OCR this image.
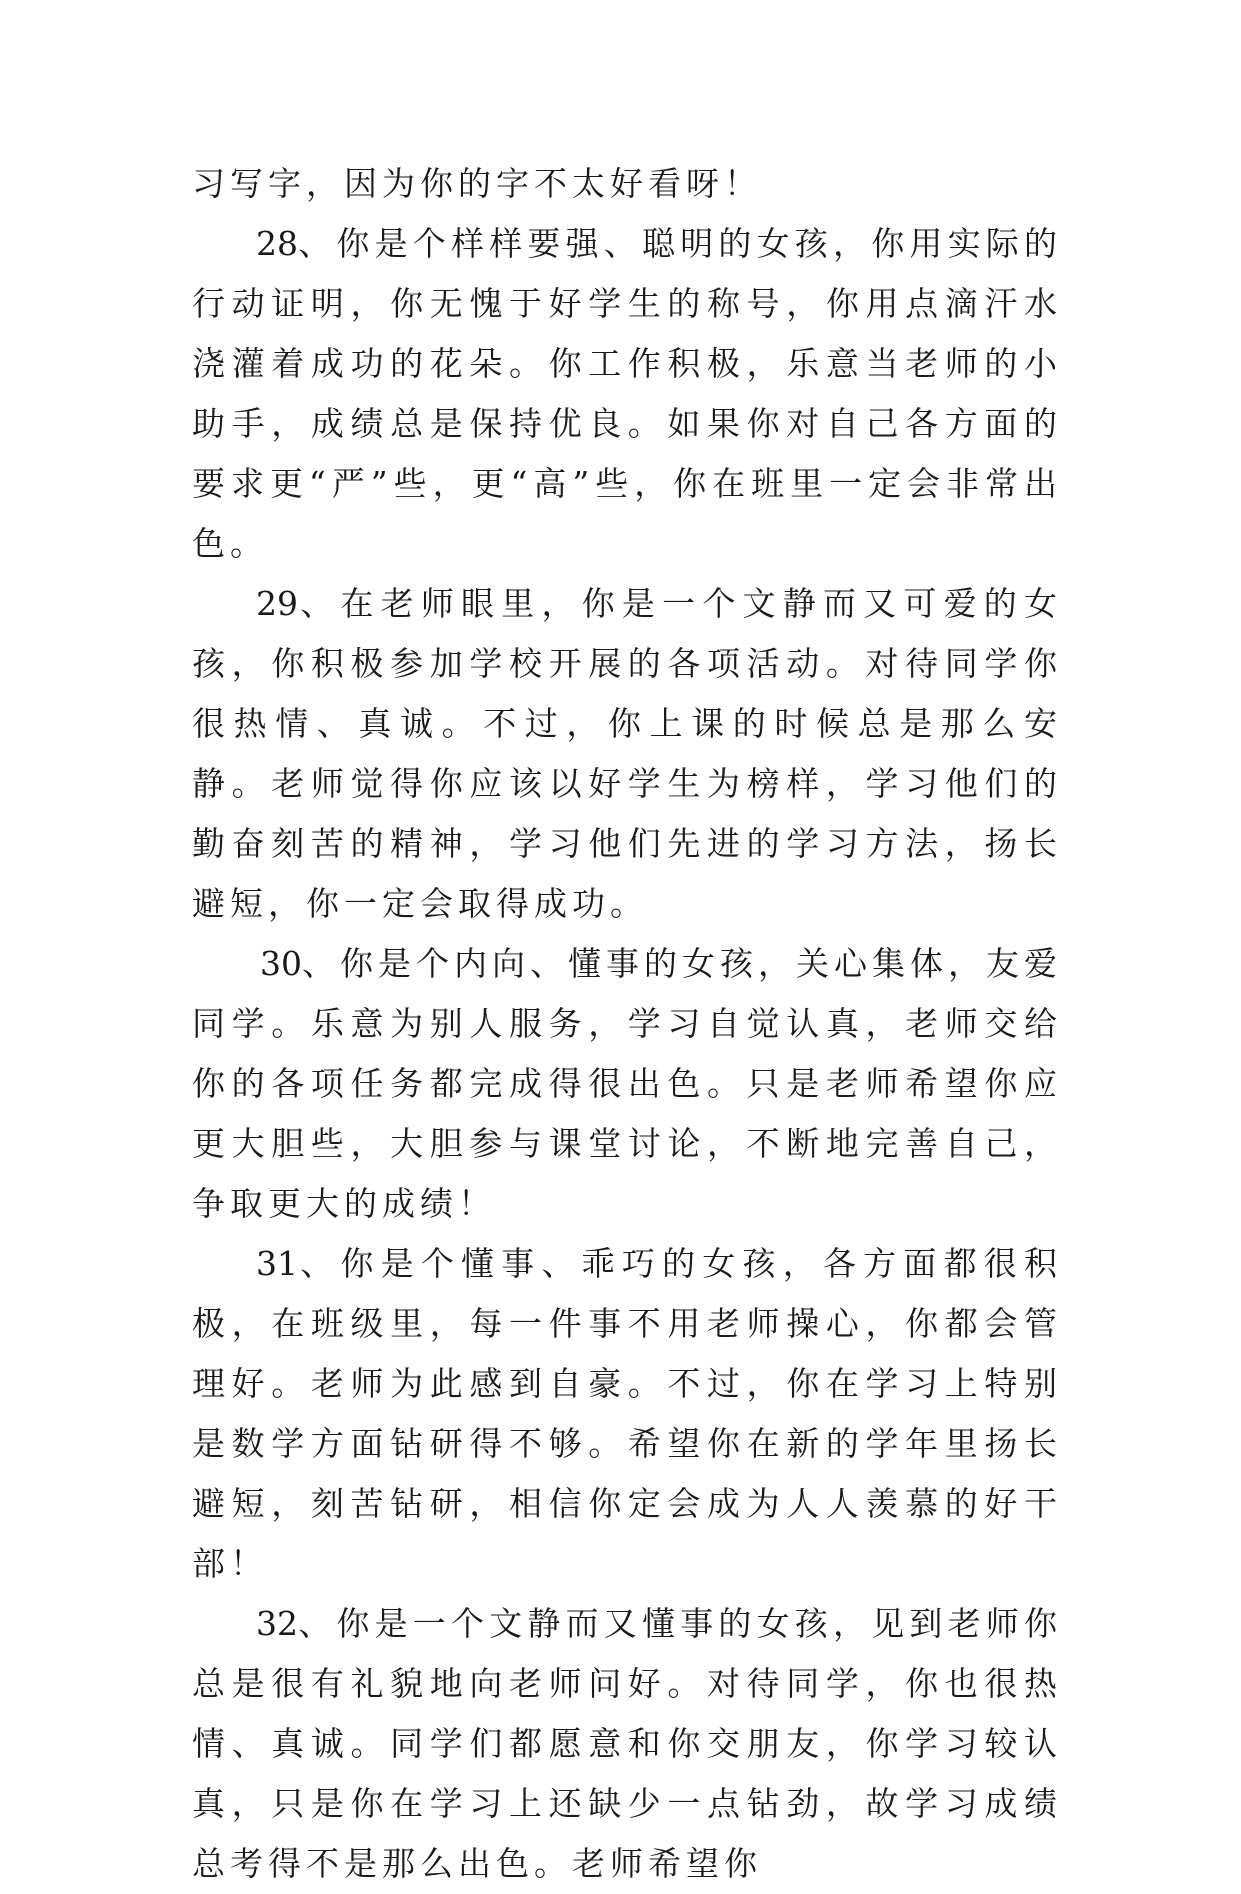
习写字，因为你的字不太好看呀！

28、你是个样样要强、聪明的女孩，你用实际的行动证明，你无愧于好学生的称号，你用点滴汗水浇灌着成功的花朵。你工作积极，乐意当老师的小助手，成绩总是保持优良。如果你对自己各方面的要求更“严”些，更“高”些，你在班里一定会非常出色。

29、在老师眼里，你是一个文静而又可爱的女孩，你积极参加学校开展的各项活动。对待同学你很热情、真诚。不过，你上课的时候总是那么安静。老师觉得你应该以好学生为榜样，学习他们的勤奋刻苦的精神，学习他们先进的学习方法，扬长避短，你一定会取得成功。

30、你是个内向、懂事的女孩，关心集体，友爱同学。乐意为别人服务，学习自觉认真，老师交给你的各项任务都完成得很出色。只是老师希望你应更大胆些，大胆参与课堂讨论，不断地完善自己，争取更大的成绩！

31、你是个懂事、乖巧的女孩，各方面都很积极，在班级里，每一件事不用老师操心，你都会管理好。老师为此感到自豪。不过，你在学习上特别是数学方面钻研得不够。希望你在新的学年里扬长避短，刻苦钻研，相信你定会成为人人羡慕的好干部！

32、你是一个文静而又懂事的女孩，见到老师你总是很有礼貌地向老师问好。对待同学，你也很热情、真诚。同学们都愿意和你交朋友，你学习较认真，只是你在学习上还缺少一点钻劲，故学习成绩总考得不是那么出色。老师希望你
